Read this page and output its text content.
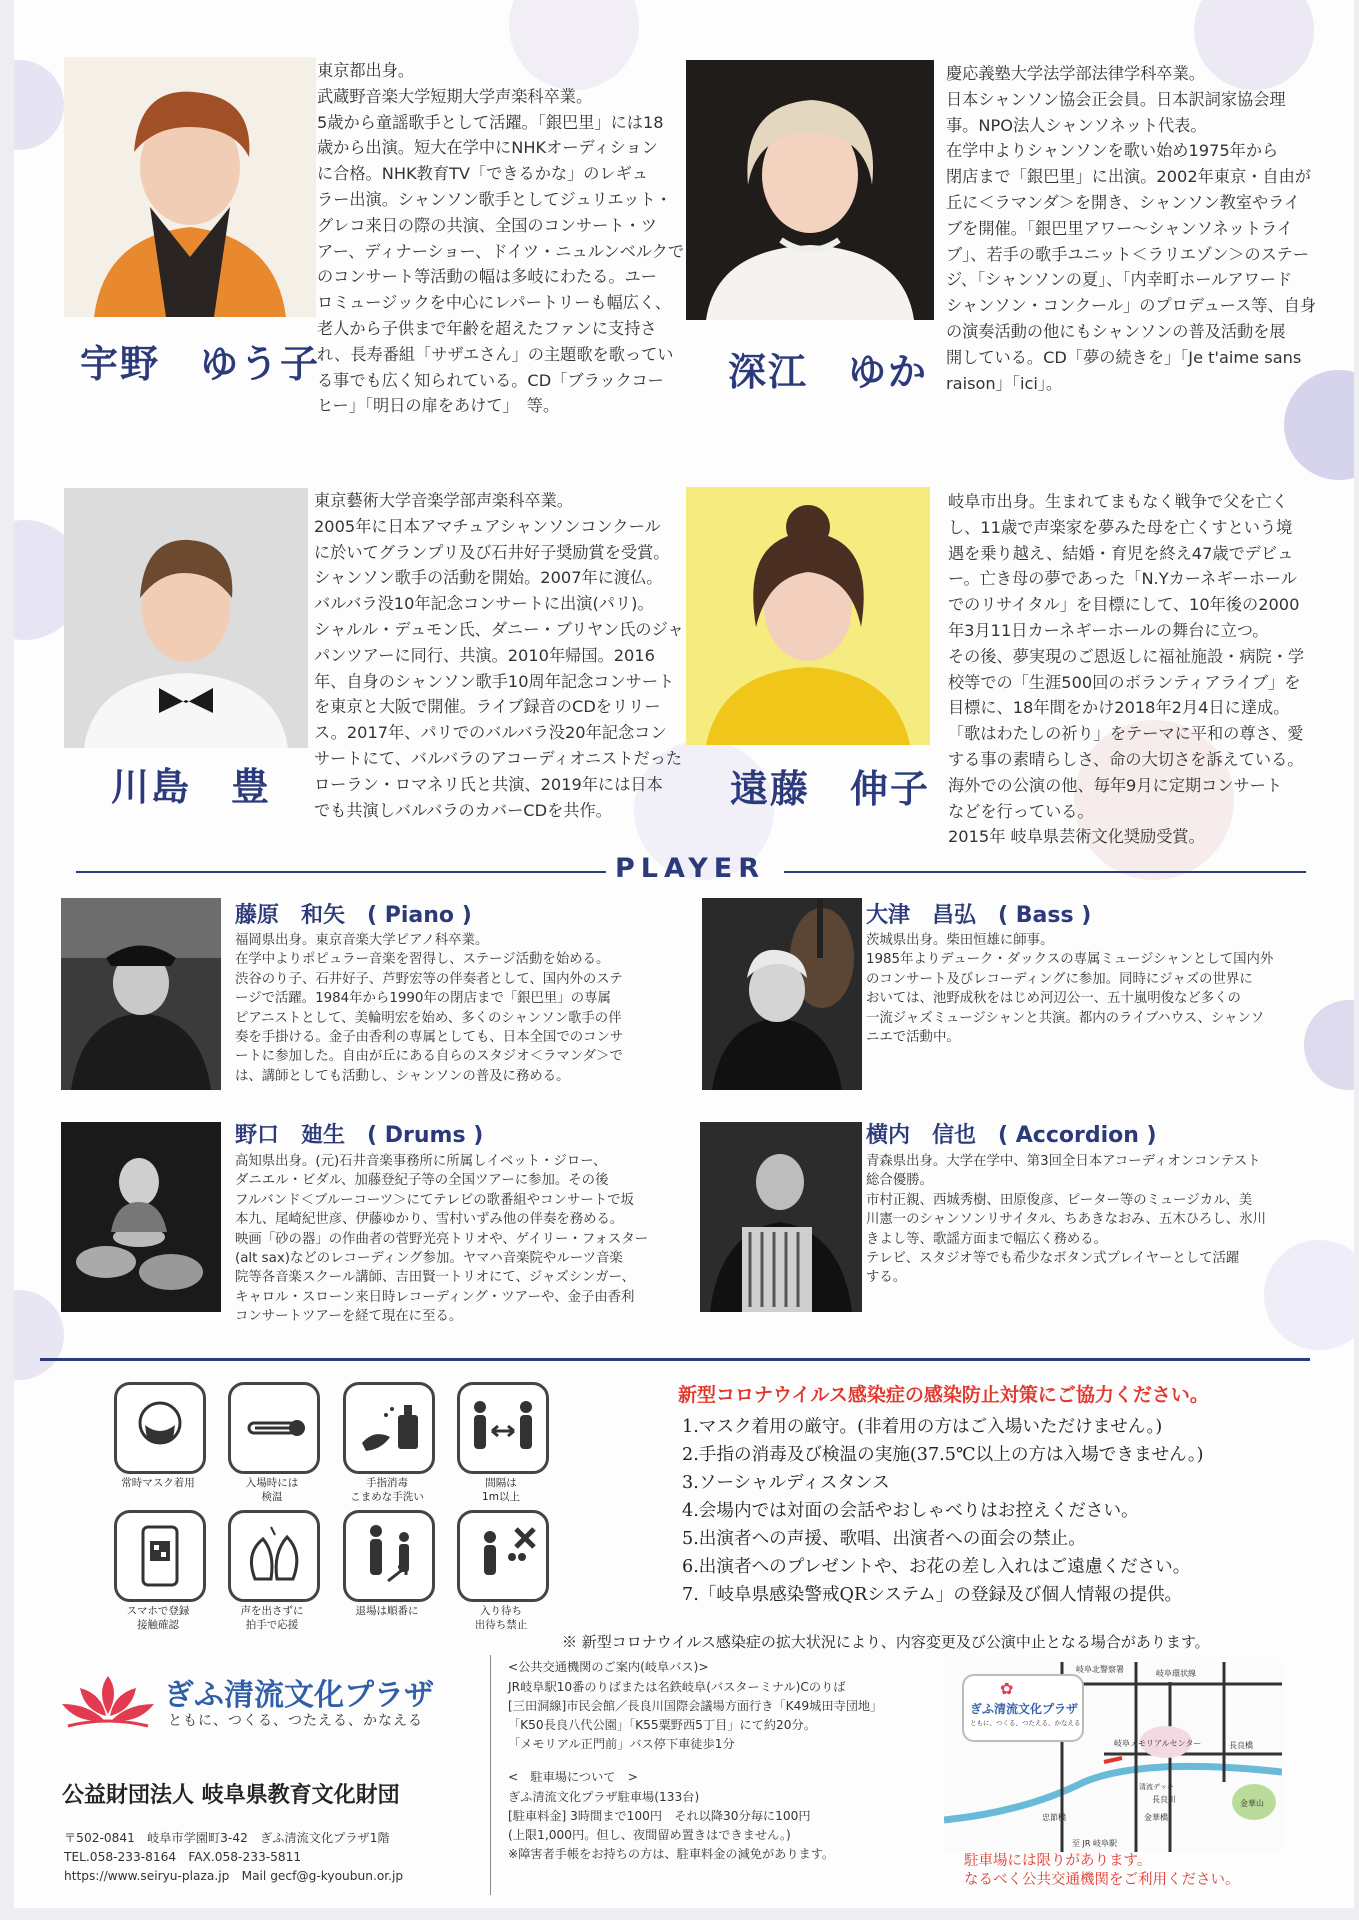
宇野　ゆう子
東京都出身。
武蔵野音楽大学短期大学声楽科卒業。
5歳から童謡歌手として活躍。「銀巴里」には18
歳から出演。短大在学中にNHKオーディション
に合格。NHK教育TV「できるかな」のレギュ
ラー出演。シャンソン歌手としてジュリエット・
グレコ来日の際の共演、全国のコンサート・ツ
アー、ディナーショー、ドイツ・ニュルンベルクで
のコンサート等活動の幅は多岐にわたる。ユー
ロミュージックを中心にレパートリーも幅広く、
老人から子供まで年齢を超えたファンに支持さ
れ、長寿番組「サザエさん」の主題歌を歌ってい
る事でも広く知られている。CD「ブラックコー
ヒー」「明日の扉をあけて」　等。
深江　ゆか
慶応義塾大学法学部法律学科卒業。
日本シャンソン協会正会員。日本訳詞家協会理
事。NPO法人シャンソネット代表。
在学中よりシャンソンを歌い始め1975年から
閉店まで「銀巴里」に出演。2002年東京・自由が
丘に＜ラマンダ＞を開き、シャンソン教室やライ
ブを開催。「銀巴里アワー～シャンソネットライ
ブ」、若手の歌手ユニット＜ラリエゾン＞のステー
ジ、「シャンソンの夏」、「内幸町ホールアワード
シャンソン・コンクール」のプロデュース等、自身
の演奏活動の他にもシャンソンの普及活動を展
開している。CD「夢の続きを」「Je t'aime sans
raison」「ici」。
川島　豊
東京藝術大学音楽学部声楽科卒業。
2005年に日本アマチュアシャンソンコンクール
に於いてグランプリ及び石井好子奨励賞を受賞。
シャンソン歌手の活動を開始。2007年に渡仏。
バルバラ没10年記念コンサートに出演(パリ)。
シャルル・デュモン氏、ダニー・ブリヤン氏のジャ
パンツアーに同行、共演。2010年帰国。2016
年、自身のシャンソン歌手10周年記念コンサート
を東京と大阪で開催。ライブ録音のCDをリリー
ス。2017年、パリでのバルバラ没20年記念コン
サートにて、バルバラのアコーディオニストだった
ローラン・ロマネリ氏と共演、2019年には日本
でも共演しバルバラのカバーCDを共作。	遠藤　伸子
岐阜市出身。生まれてまもなく戦争で父を亡く
し、11歳で声楽家を夢みた母を亡くすという境
遇を乗り越え、結婚・育児を終え47歳でデビュ
ー。亡き母の夢であった「N.Yカーネギーホール
でのリサイタル」を目標にして、10年後の2000
年3月11日カーネギーホールの舞台に立つ。
その後、夢実現のご恩返しに福祉施設・病院・学
校等での「生涯500回のボランティアライブ」を
目標に、18年間をかけ2018年2月4日に達成。
「歌はわたしの祈り」をテーマに平和の尊さ、愛
する事の素晴らしさ、命の大切さを訴えている。
海外での公演の他、毎年9月に定期コンサート
などを行っている。
2015年 岐阜県芸術文化奨励受賞。
PLAYER
藤原　和矢　 ( Piano )
福岡県出身。東京音楽大学ピアノ科卒業。
在学中よりポピュラー音楽を習得し、ステージ活動を始める。
渋谷のり子、石井好子、芦野宏等の伴奏者として、国内外のステ
ージで活躍。1984年から1990年の閉店まで「銀巴里」の専属
ピアニストとして、美輪明宏を始め、多くのシャンソン歌手の伴
奏を手掛ける。金子由香利の専属としても、日本全国でのコンサ
ートに参加した。自由が丘にある自らのスタジオ＜ラマンダ＞で
は、講師としても活動し、シャンソンの普及に務める。
大津　昌弘　 ( Bass )
茨城県出身。柴田恒雄に師事。
1985年よりデューク・ダックスの専属ミュージシャンとして国内外
のコンサート及びレコーディングに参加。同時にジャズの世界に
おいては、池野成秋をはじめ河辺公一、五十嵐明俊など多くの
一流ジャズミュージシャンと共演。都内のライブハウス、シャンソ
ニエで活動中。
野口　廸生　 ( Drums )
高知県出身。(元)石井音楽事務所に所属しイベット・ジロー、
ダニエル・ビダル、加藤登紀子等の全国ツアーに参加。その後
フルバンド＜ブルーコーツ＞にてテレビの歌番組やコンサートで坂
本九、尾崎紀世彦、伊藤ゆかり、雪村いずみ他の伴奏を務める。
映画「砂の器」の作曲者の菅野光亮トリオや、ゲイリー・フォスター
(alt sax)などのレコーディング参加。ヤマハ音楽院やルーツ音楽
院等各音楽スクール講師、吉田賢一トリオにて、ジャズシンガー、
キャロル・スローン来日時レコーディング・ツアーや、金子由香利
コンサートツアーを経て現在に至る。
横内　信也　 ( Accordion )
青森県出身。大学在学中、第3回全日本アコーディオンコンテスト
総合優勝。
市村正親、西城秀樹、田原俊彦、ピーター等のミュージカル、美
川憲一のシャンソンリサイタル、ちあきなおみ、五木ひろし、氷川
きよし等、歌謡方面まで幅広く務める。
テレビ、スタジオ等でも希少なボタン式プレイヤーとして活躍
する。
常時マスク着用	入場時には
検温
手指消毒
こまめな手洗い
間隔は
1m以上
スマホで登録
接触確認
声を出さずに
拍手で応援
退場は順番に	入り待ち
出待ち禁止
新型コロナウイルス感染症の感染防止対策にご協力ください。
1.マスク着用の厳守。(非着用の方はご入場いただけません。)
2.手指の消毒及び検温の実施(37.5℃以上の方は入場できません。)
3.ソーシャルディスタンス
4.会場内では対面の会話やおしゃべりはお控えください。
5.出演者への声援、歌唱、出演者への面会の禁止。
6.出演者へのプレゼントや、お花の差し入れはご遠慮ください。
7.「岐阜県感染警戒QRシステム」の登録及び個人情報の提供。
※ 新型コロナウイルス感染症の拡大状況により、内容変更及び公演中止となる場合があります。
ぎふ清流文化プラザ
ともに、つくる、つたえる、かなえる
公益財団法人 岐阜県教育文化財団
〒502-0841　岐阜市学園町3-42　ぎふ清流文化プラザ1階
TEL.058-233-8164　FAX.058-233-5811
https://www.seiryu-plaza.jp　Mail gecf@g-kyoubun.or.jp
<公共交通機関のご案内(岐阜バス)>
JR岐阜駅10番のりばまたは名鉄岐阜(バスターミナル)Cのりば
[三田洞線]市民会館／長良川国際会議場方面行き「K49城田寺団地」
「K50長良八代公園」「K55粟野西5丁目」にて約20分。
「メモリアル正門前」バス停下車徒歩1分
<　駐車場について　>
ぎふ清流文化プラザ駐車場(133台)
[駐車料金] 3時間まで100円　それ以降30分毎に100円
(上限1,000円。但し、夜間留め置きはできません。)
※障害者手帳をお持ちの方は、駐車料金の減免があります。
✿
ぎふ清流文化プラザ
ともに、つくる、つたえる、かなえる
岐阜北警察署	岐阜環状線
岐阜メモリアルセンター	長良橋
清流デッキ
長良川
忠節橋	金華橋
至 JR 岐阜駅
金華山
駐車場には限りがあります。
なるべく公共交通機関をご利用ください。
